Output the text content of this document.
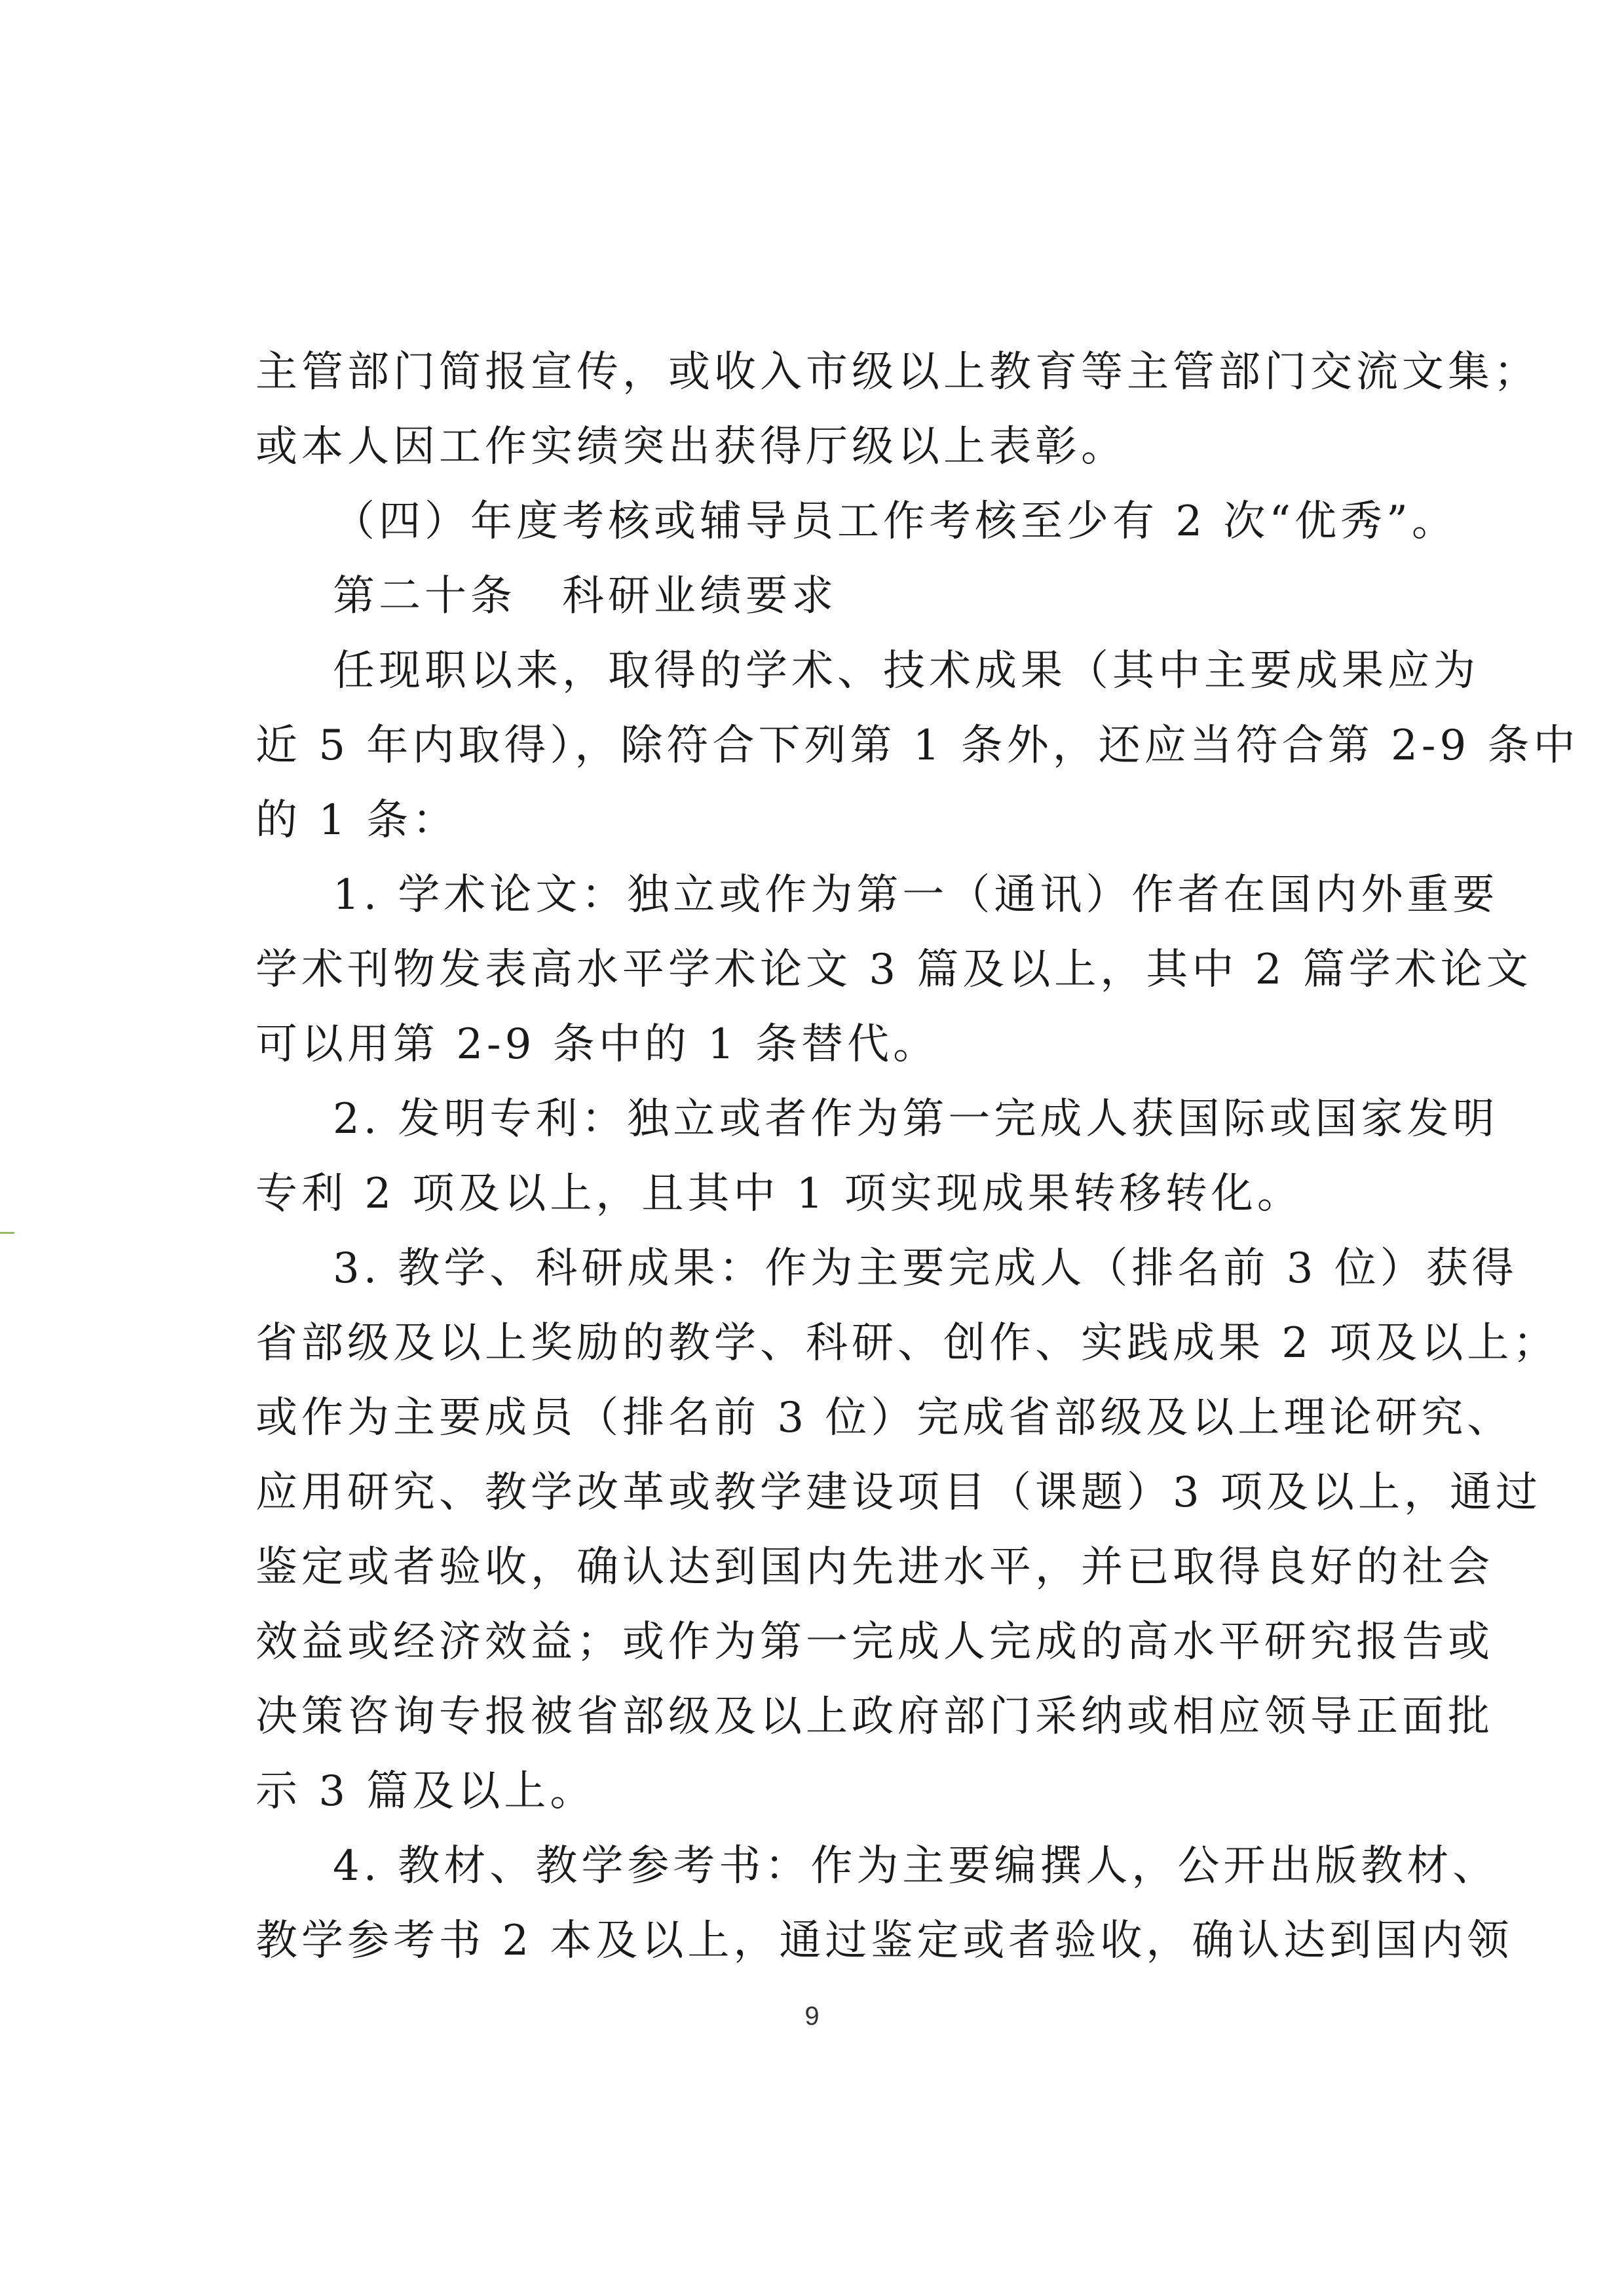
主管部门简报宣传，或收入市级以上教育等主管部门交流文集；
或本人因工作实绩突出获得厅级以上表彰。
（四）年度考核或辅导员工作考核至少有 2 次“优秀”。
第二十条　科研业绩要求
任现职以来，取得的学术、技术成果（其中主要成果应为
近 5 年内取得），除符合下列第 1 条外，还应当符合第 2-9 条中
的 1 条：
1. 学术论文：独立或作为第一（通讯）作者在国内外重要
学术刊物发表高水平学术论文 3 篇及以上，其中 2 篇学术论文
可以用第 2-9 条中的 1 条替代。
2. 发明专利：独立或者作为第一完成人获国际或国家发明
专利 2 项及以上，且其中 1 项实现成果转移转化。
3. 教学、科研成果：作为主要完成人（排名前 3 位）获得
省部级及以上奖励的教学、科研、创作、实践成果 2 项及以上；
或作为主要成员（排名前 3 位）完成省部级及以上理论研究、
应用研究、教学改革或教学建设项目（课题）3 项及以上，通过
鉴定或者验收，确认达到国内先进水平，并已取得良好的社会
效益或经济效益；或作为第一完成人完成的高水平研究报告或
决策咨询专报被省部级及以上政府部门采纳或相应领导正面批
示 3 篇及以上。
4. 教材、教学参考书：作为主要编撰人，公开出版教材、
教学参考书 2 本及以上，通过鉴定或者验收，确认达到国内领
9
